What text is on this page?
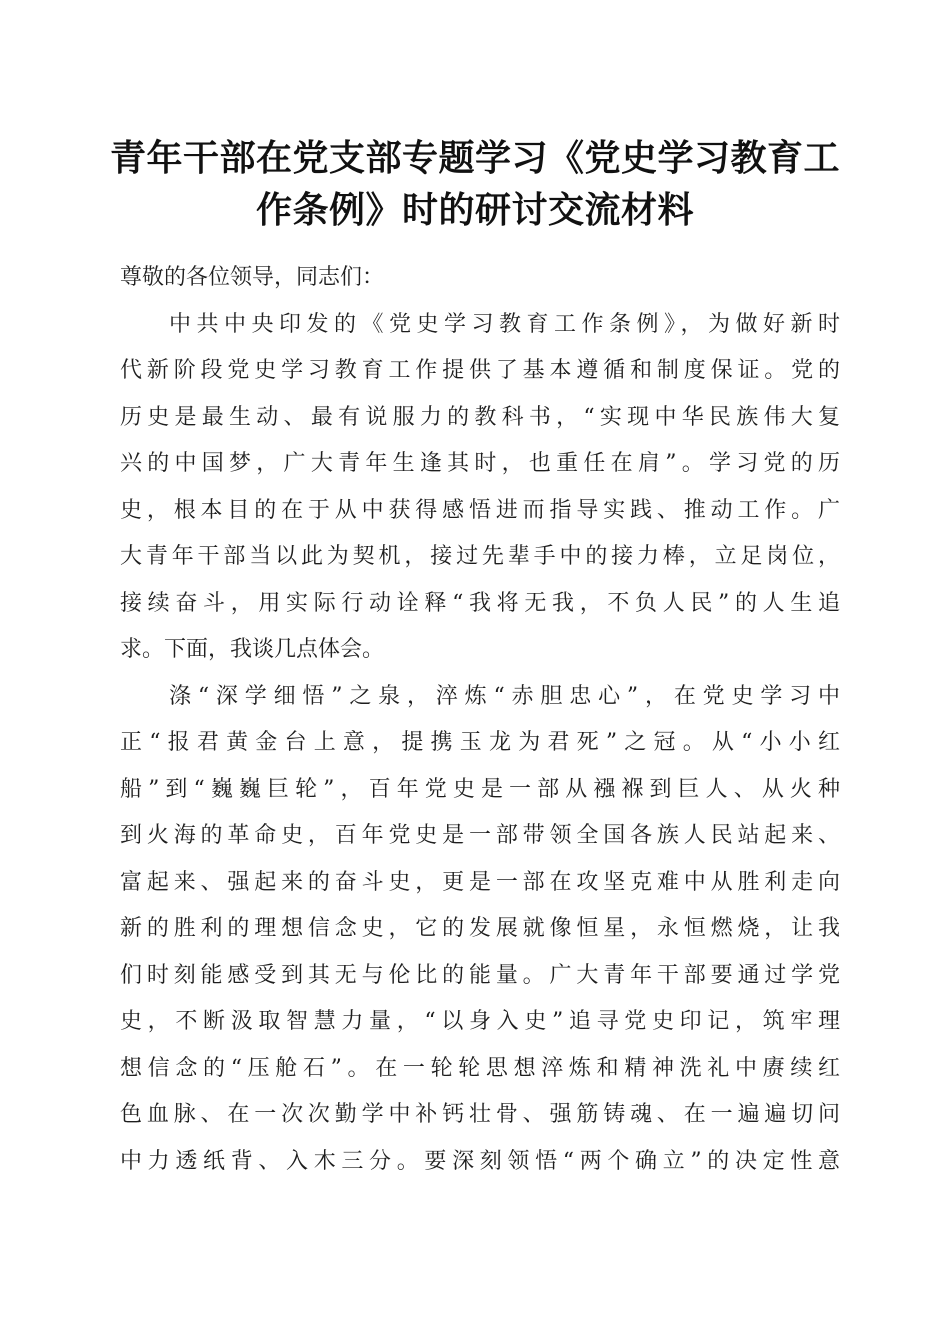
青年干部在党支部专题学习《党史学习教育工
作条例》时的研讨交流材料
尊敬的各位领导，同志们：
中共中央印发的《党史学习教育工作条例》，为做好新时
代新阶段党史学习教育工作提供了基本遵循和制度保证。党的
历史是最生动、最有说服力的教科书，“实现中华民族伟大复
兴的中国梦，广大青年生逢其时，也重任在肩”。学习党的历
史，根本目的在于从中获得感悟进而指导实践、推动工作。广
大青年干部当以此为契机，接过先辈手中的接力棒，立足岗位，
接续奋斗，用实际行动诠释“我将无我，不负人民”的人生追
求。下面，我谈几点体会。
涤“深学细悟”之泉，淬炼“赤胆忠心”，在党史学习中
正“报君黄金台上意，提携玉龙为君死”之冠。从“小小红
船”到“巍巍巨轮”，百年党史是一部从襁褓到巨人、从火种
到火海的革命史，百年党史是一部带领全国各族人民站起来、
富起来、强起来的奋斗史，更是一部在攻坚克难中从胜利走向
新的胜利的理想信念史，它的发展就像恒星，永恒燃烧，让我
们时刻能感受到其无与伦比的能量。广大青年干部要通过学党
史，不断汲取智慧力量，“以身入史”追寻党史印记，筑牢理
想信念的“压舱石”。在一轮轮思想淬炼和精神洗礼中赓续红
色血脉、在一次次勤学中补钙壮骨、强筋铸魂、在一遍遍切问
中力透纸背、入木三分。要深刻领悟“两个确立”的决定性意
